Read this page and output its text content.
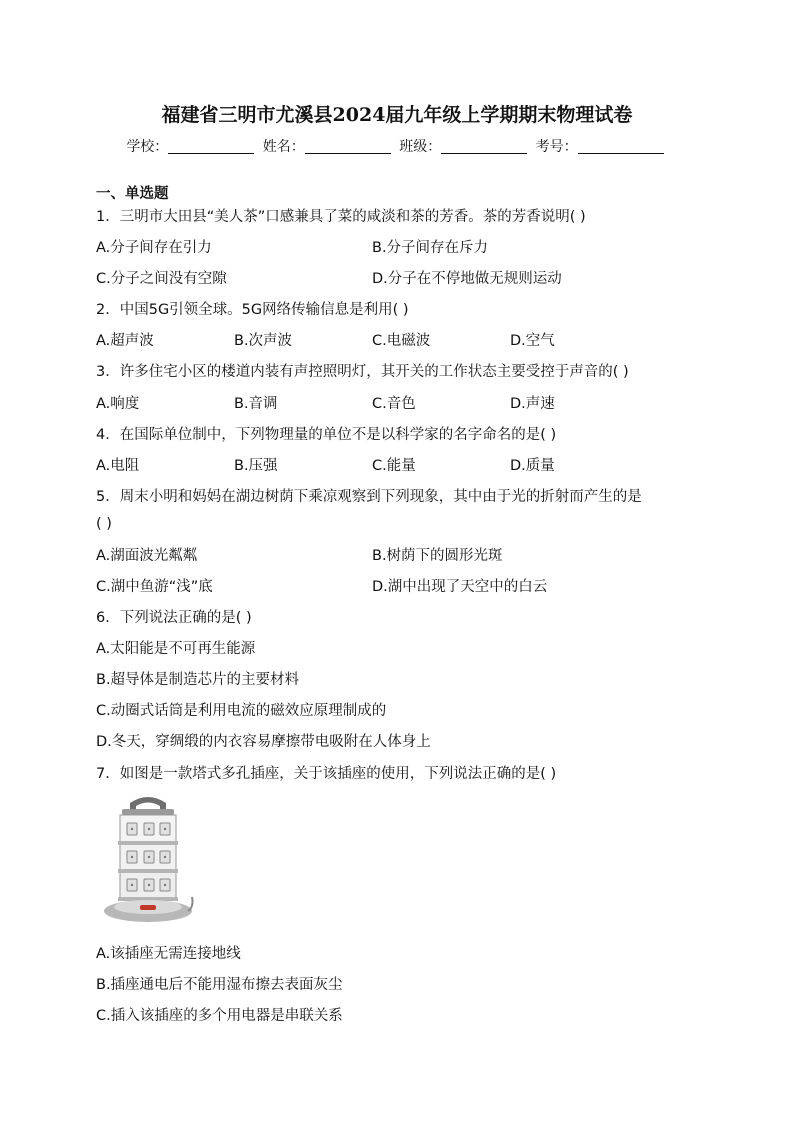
福建省三明市尤溪县2024届九年级上学期期末物理试卷
学校：	姓名：	班级：	考号：
一、单选题
1．三明市大田县“美人茶”口感兼具了菜的咸淡和茶的芳香。茶的芳香说明( )
A.分子间存在引力	B.分子间存在斥力
C.分子之间没有空隙	D.分子在不停地做无规则运动
2．中国5G引领全球。5G网络传输信息是利用( )
A.超声波	B.次声波	C.电磁波	D.空气
3．许多住宅小区的楼道内装有声控照明灯，其开关的工作状态主要受控于声音的( )
A.响度	B.音调	C.音色	D.声速
4．在国际单位制中，下列物理量的单位不是以科学家的名字命名的是( )
A.电阻	B.压强	C.能量	D.质量
5．周末小明和妈妈在湖边树荫下乘凉观察到下列现象，其中由于光的折射而产生的是
( )
A.湖面波光粼粼	B.树荫下的圆形光斑
C.湖中鱼游“浅”底	D.湖中出现了天空中的白云
6．下列说法正确的是( )
A.太阳能是不可再生能源
B.超导体是制造芯片的主要材料
C.动圈式话筒是利用电流的磁效应原理制成的
D.冬天，穿绸缎的内衣容易摩擦带电吸附在人体身上
7．如图是一款塔式多孔插座，关于该插座的使用，下列说法正确的是( )
A.该插座无需连接地线
B.插座通电后不能用湿布擦去表面灰尘
C.插入该插座的多个用电器是串联关系
